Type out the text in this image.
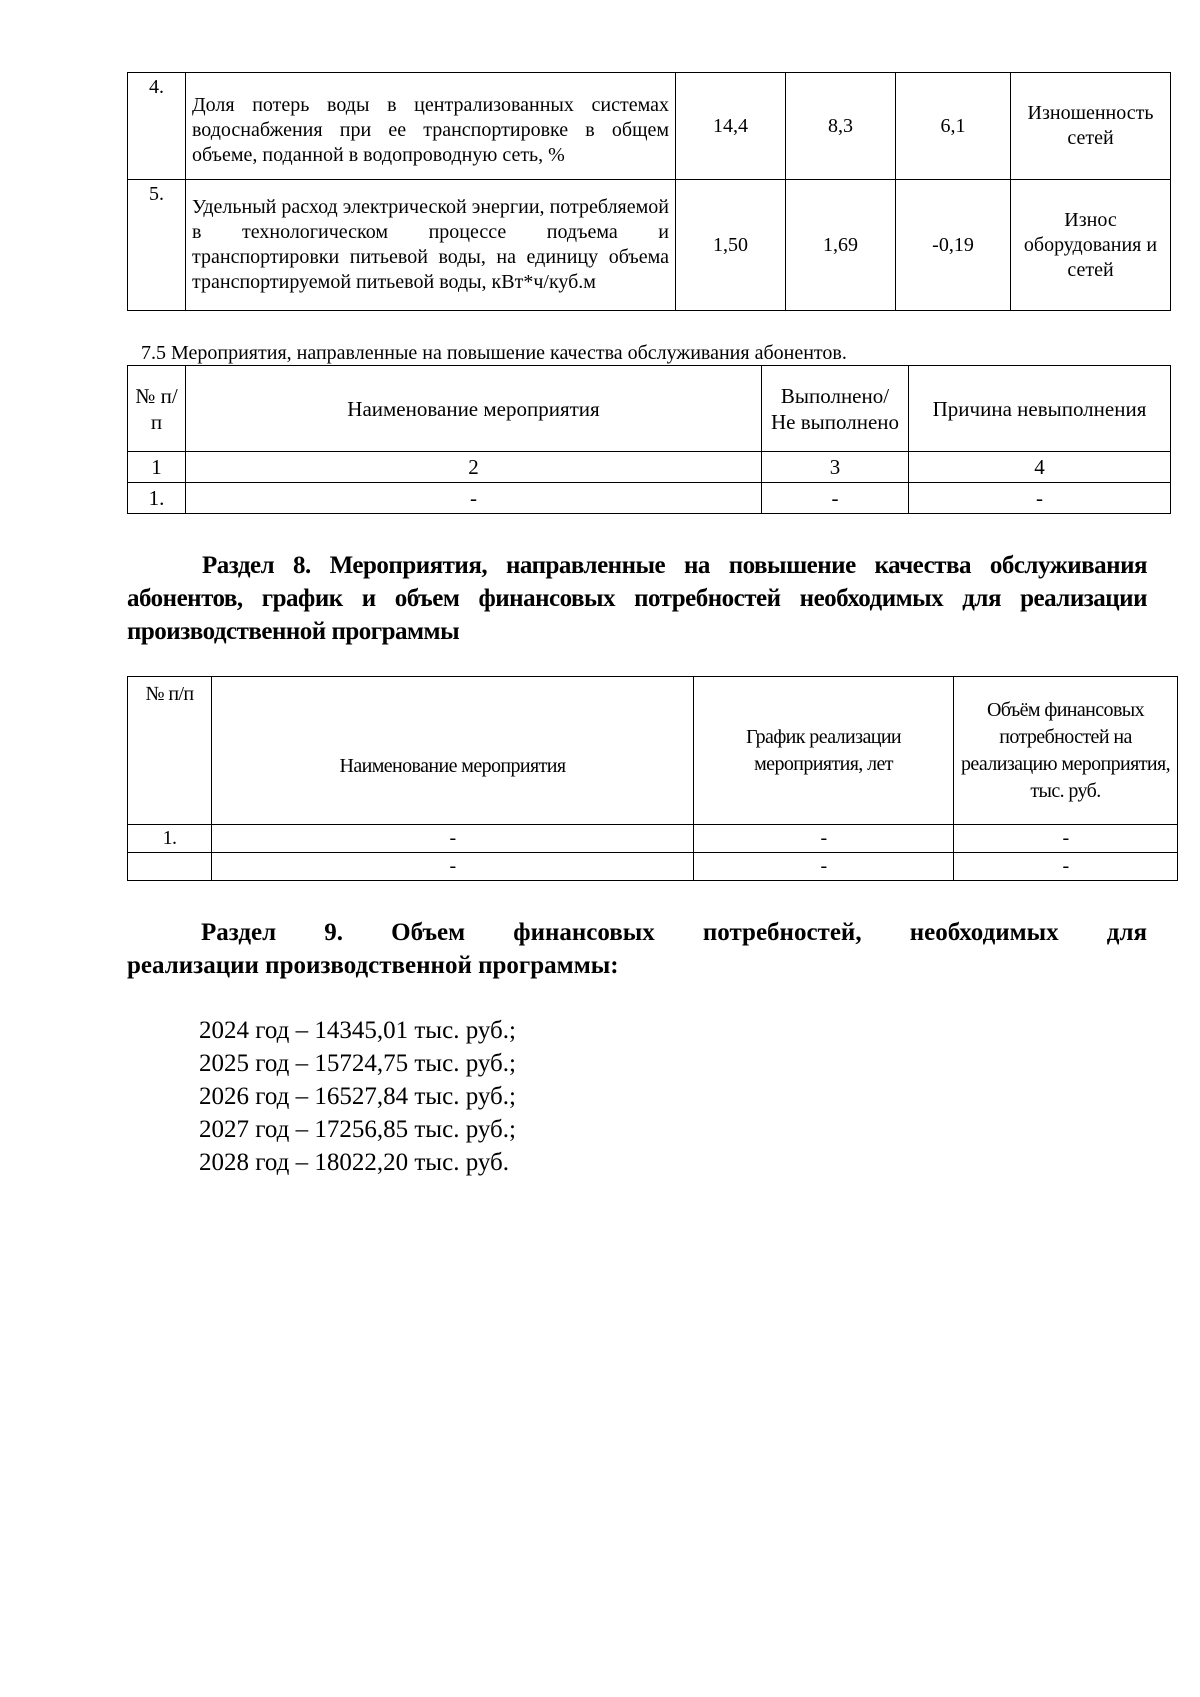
4.	Доля потерь воды в централизованных системах водоснабжения при ее транспортировке в общем объеме, поданной в водопроводную сеть, %	14,4	8,3	6,1	Изношенность сетей
5.	Удельный расход электрической энергии, потребляемой в технологическом процессе подъема и транспортировки питьевой воды, на единицу объема транспортируемой питьевой воды, кВт*ч/куб.м	1,50	1,69	-0,19	Износ оборудования и сетей
7.5 Мероприятия, направленные на повышение качества обслуживания абонентов.
№ п/п	Наименование мероприятия	Выполнено/ Не выполнено	Причина невыполнения
1	2	3	4
1.	-	-	-
Раздел 8. Мероприятия, направленные на повышение качества обслуживания
абонентов, график и объем финансовых потребностей необходимых для реализации
производственной программы
№ п/п	Наименование мероприятия	График реализации мероприятия, лет	Объём финансовых потребностей на реализацию мероприятия, тыс. руб.
1.	-	-	-
	-	-	-
Раздел 9. Объем финансовых потребностей, необходимых для
реализации производственной программы:
2024 год – 14345,01 тыс. руб.;
2025 год – 15724,75 тыс. руб.;
2026 год – 16527,84 тыс. руб.;
2027 год – 17256,85 тыс. руб.;
2028 год – 18022,20 тыс. руб.
